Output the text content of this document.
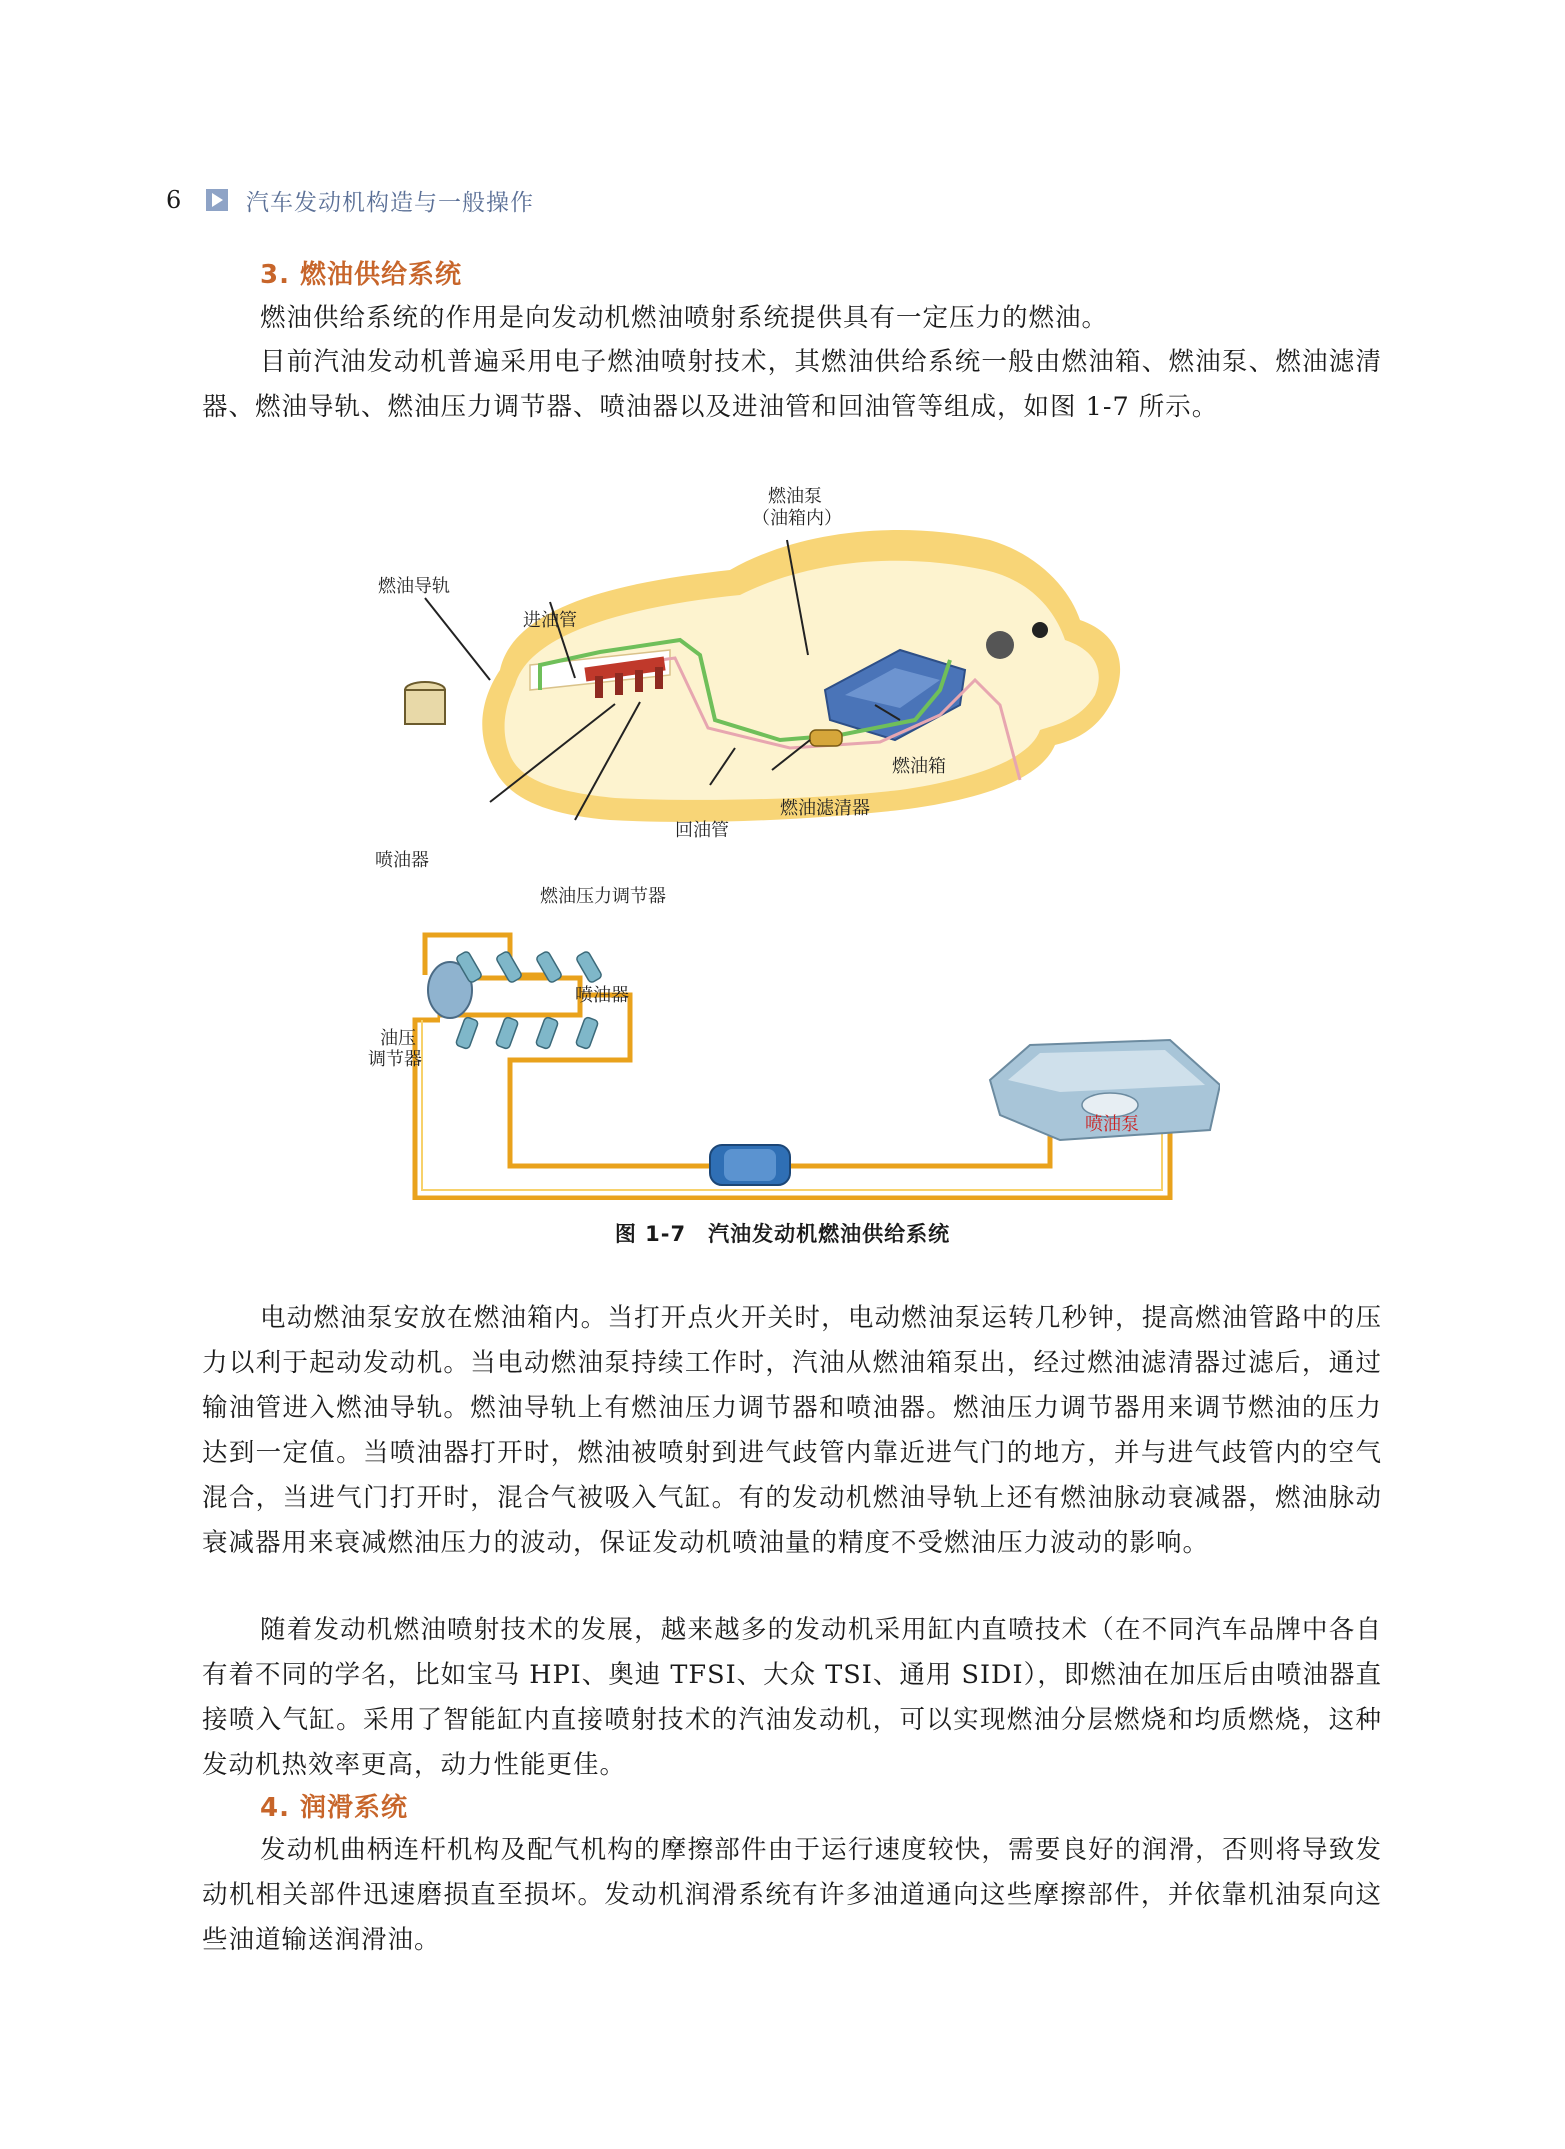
6	汽车发动机构造与一般操作
3. 燃油供给系统

燃油供给系统的作用是向发动机燃油喷射系统提供具有一定压力的燃油。

目前汽油发动机普遍采用电子燃油喷射技术，其燃油供给系统一般由燃油箱、燃油泵、燃油滤清器、燃油导轨、燃油压力调节器、喷油器以及进油管和回油管等组成，如图 1-7 所示。

燃油泵
（油箱内）
燃油导轨
进油管
燃油箱
燃油滤清器
回油管
喷油器
燃油压力调节器
喷油器
油压
调节器
喷油泵
图 1-7　汽油发动机燃油供给系统

电动燃油泵安放在燃油箱内。当打开点火开关时，电动燃油泵运转几秒钟，提高燃油管路中的压力以利于起动发动机。当电动燃油泵持续工作时，汽油从燃油箱泵出，经过燃油滤清器过滤后，通过输油管进入燃油导轨。燃油导轨上有燃油压力调节器和喷油器。燃油压力调节器用来调节燃油的压力达到一定值。当喷油器打开时，燃油被喷射到进气歧管内靠近进气门的地方，并与进气歧管内的空气混合，当进气门打开时，混合气被吸入气缸。有的发动机燃油导轨上还有燃油脉动衰减器，燃油脉动衰减器用来衰减燃油压力的波动，保证发动机喷油量的精度不受燃油压力波动的影响。

随着发动机燃油喷射技术的发展，越来越多的发动机采用缸内直喷技术（在不同汽车品牌中各自有着不同的学名，比如宝马 HPI、奥迪 TFSI、大众 TSI、通用 SIDI），即燃油在加压后由喷油器直接喷入气缸。采用了智能缸内直接喷射技术的汽油发动机，可以实现燃油分层燃烧和均质燃烧，这种发动机热效率更高，动力性能更佳。

4. 润滑系统

发动机曲柄连杆机构及配气机构的摩擦部件由于运行速度较快，需要良好的润滑，否则将导致发动机相关部件迅速磨损直至损坏。发动机润滑系统有许多油道通向这些摩擦部件，并依靠机油泵向这些油道输送润滑油。
